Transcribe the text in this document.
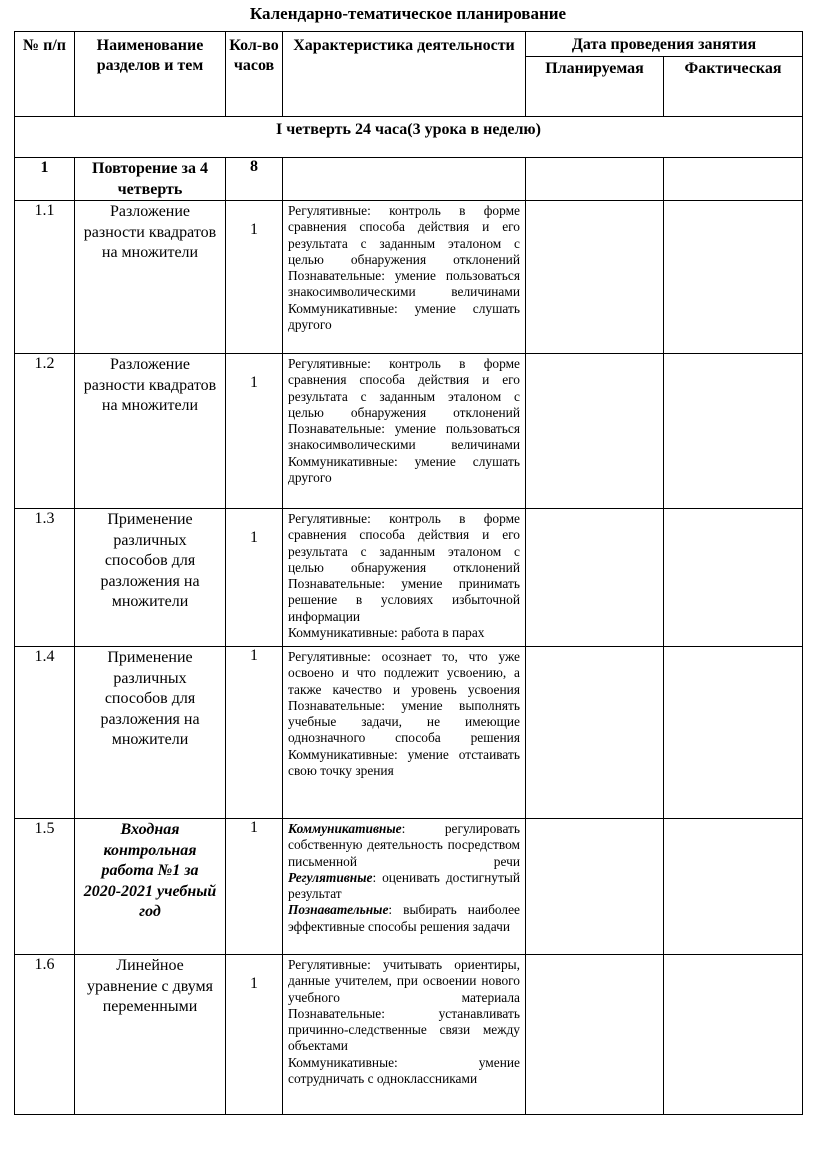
Календарно-тематическое планирование
№ п/п	Наименование разделов и тем	Кол-во часов	Характеристика деятельности	Дата проведения занятия	
				Планируемая	Фактическая
I четверть 24 часа(3 урока в неделю)					
1	Повторение за 4 четверть	8			
1.1	Разложение разности квадратов на множители	1	Регулятивные: контроль в форме сравнения способа действия и его результата с заданным эталоном с целью обнаружения отклонений

Познавательные: умение пользоваться знакосимволическими величинами

Коммуникативные: умение слушать другого		

1.2	Разложение разности квадратов на множители	1	Регулятивные: контроль в форме сравнения способа действия и его результата с заданным эталоном с целью обнаружения отклонений

Познавательные: умение пользоваться знакосимволическими величинами

Коммуникативные: умение слушать другого		

1.3	Применение различных способов для разложения на множители	1	Регулятивные: контроль в форме сравнения способа действия и его результата с заданным эталоном с целью обнаружения отклонений

Познавательные: умение принимать решение в условиях избыточной информации

Коммуникативные: работа в парах		

1.4	Применение различных способов для разложения на множители	1	Регулятивные: осознает то, что уже освоено и что подлежит усвоению, а также качество и уровень усвоения

Познавательные: умение выполнять учебные задачи, не имеющие однозначного способа решения

Коммуникативные: умение отстаивать свою точку зрения		

1.5	Входная контрольная работа №1 за 2020-2021 учебный год	1	Коммуникативные: регулировать собственную деятельность посредством письменной речи

Регулятивные: оценивать достигнутый результат

Познавательные: выбирать наиболее эффективные способы решения задачи		

1.6	Линейное уравнение с двумя переменными	1	Регулятивные: учитывать ориентиры, данные учителем, при освоении нового учебного материала

Познавательные: устанавливать причинно-следственные связи между объектами

Коммуникативные: умение сотрудничать с одноклассниками		
